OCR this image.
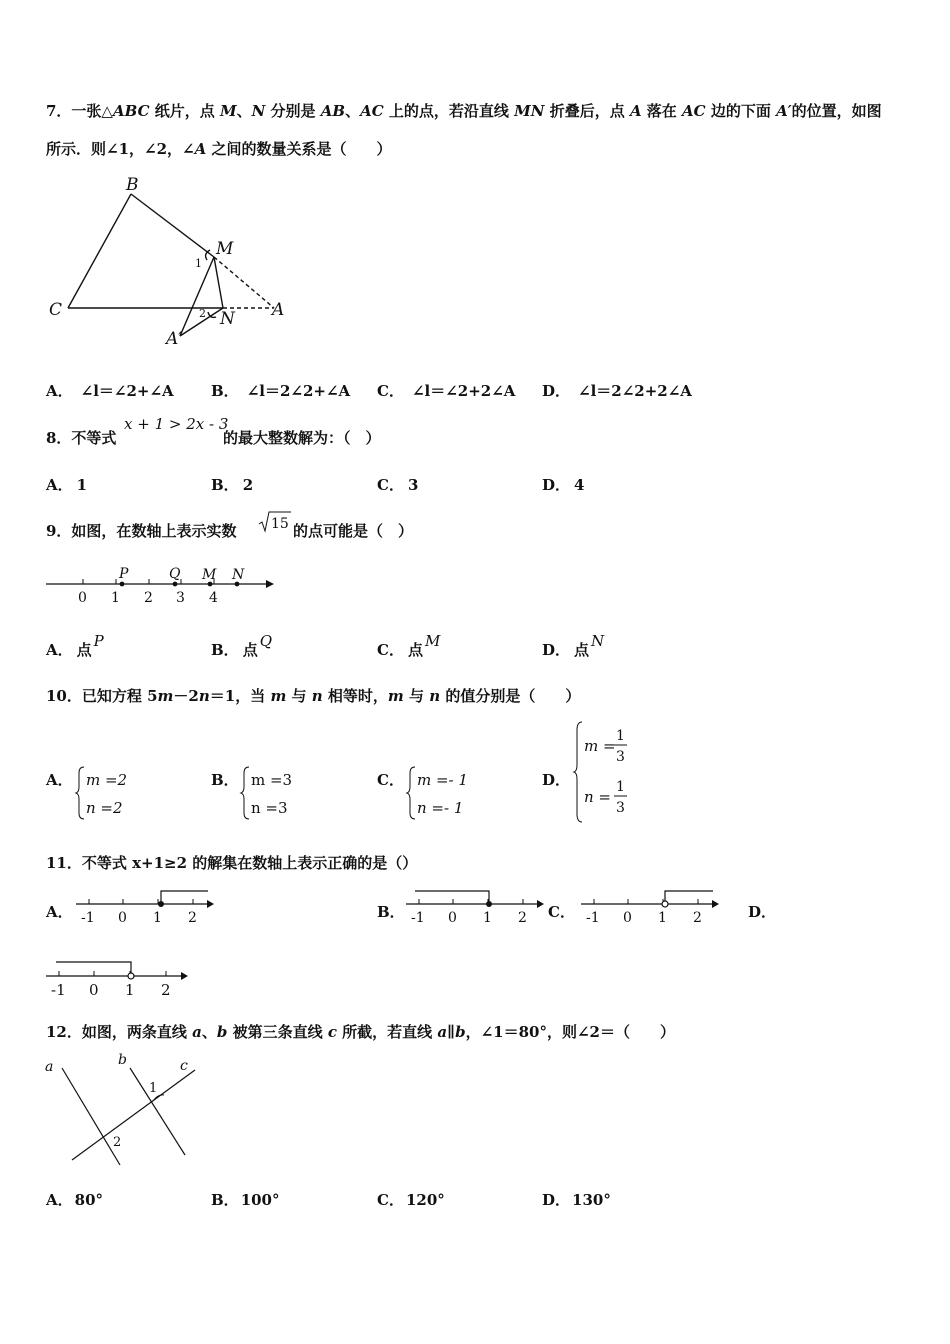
7．一张△ABC 纸片，点 M、N 分别是 AB、AC 上的点，若沿直线 MN 折叠后，点 A 落在 AC 边的下面 A′的位置，如图
所示．则∠1，∠2，∠A 之间的数量关系是（　　）
B
M
C	A
N
A′
1
2
A． ∠l＝∠2+∠A B． ∠l＝2∠2+∠A C． ∠l＝∠2+2∠A D． ∠l＝2∠2+2∠A
8．不等式
x + 1 > 2x - 3
的最大整数解为：（　）
A． 1	B． 2	C． 3	D． 4
9．如图，在数轴上表示实数 15 的点可能是（　）
0 1 2 3 4
P	Q M N
A． 点 P	B． 点 Q	C． 点 M	D． 点 N
10．已知方程 5m－2n＝1，当 m 与 n 相等时，m 与 n 的值分别是（　　）
A． m =2
n =2
B． m =3
n =3
C． m =- 1
n =- 1
D．
m =
1
3
n =
1
3
11．不等式 x+1≥2 的解集在数轴上表示正确的是（）
A． -1 0 1 2	B． -1 0 1 2 C． -1 0 1 2	D．
-1 0 1 2
12．如图，两条直线 a、b 被第三条直线 c 所截，若直线 a∥b，∠1＝80°，则∠2＝（　　）
a	b	c
1
2
A． 80°	B． 100°	C． 120°	D． 130°
